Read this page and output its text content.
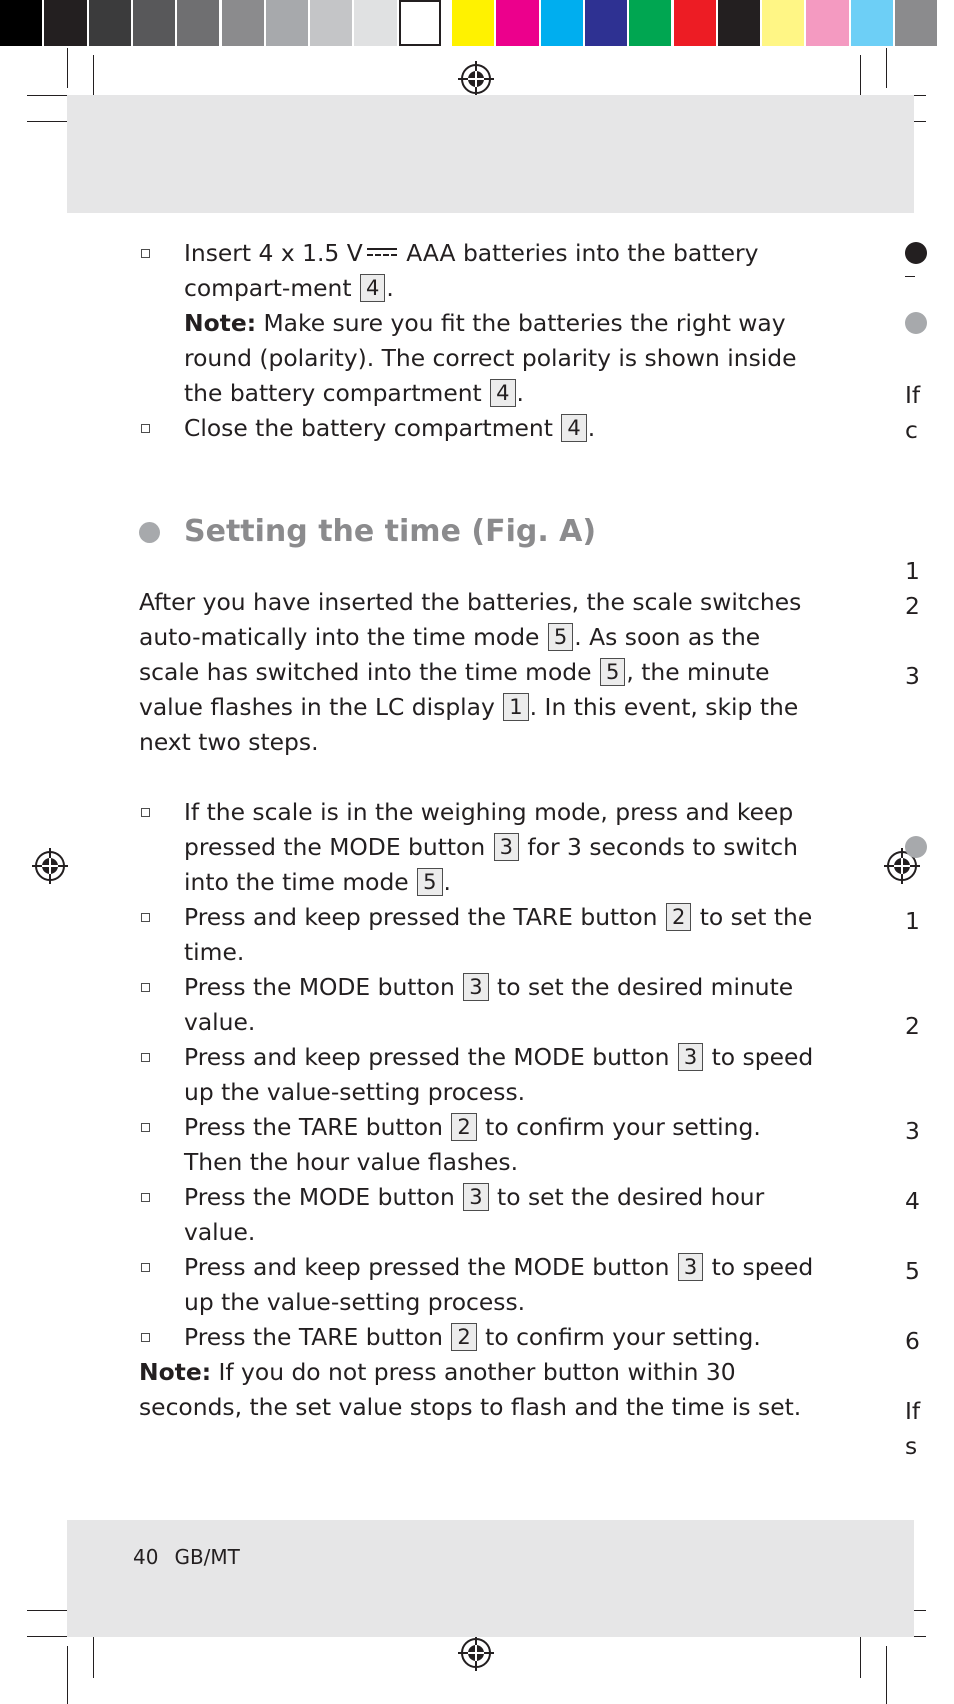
Insert 4 x 1.5 V AAA batteries into the battery compart-ment 4 .
Note: Make sure you fit the batteries the right way round (polarity). The correct polarity is shown inside the battery compartment 4 .
Close the battery compartment 4 .
Setting the time (Fig. A)

After you have inserted the batteries, the scale switches auto-matically into the time mode 5 . As soon as the scale has switched into the time mode 5 , the minute value flashes in the LC display 1 . In this event, skip the next two steps.

If the scale is in the weighing mode, press and keep pressed the MODE button 3 for 3 seconds to switch into the time mode 5 .
Press and keep pressed the TARE button 2 to set the time.
Press the MODE button 3 to set the desired minute value.
Press and keep pressed the MODE button 3 to speed up the value-setting process.
Press the TARE button 2 to confirm your setting. Then the hour value flashes.
Press the MODE button 3 to set the desired hour value.
Press and keep pressed the MODE button 3 to speed up the value-setting process.
Press the TARE button 2 to confirm your setting.

Note: If you do not press another button within 30 seconds, the set value stops to flash and the time is set.

40 GB/MT
If
c
1
2
3
1
2
3
4
5
6
If
s
